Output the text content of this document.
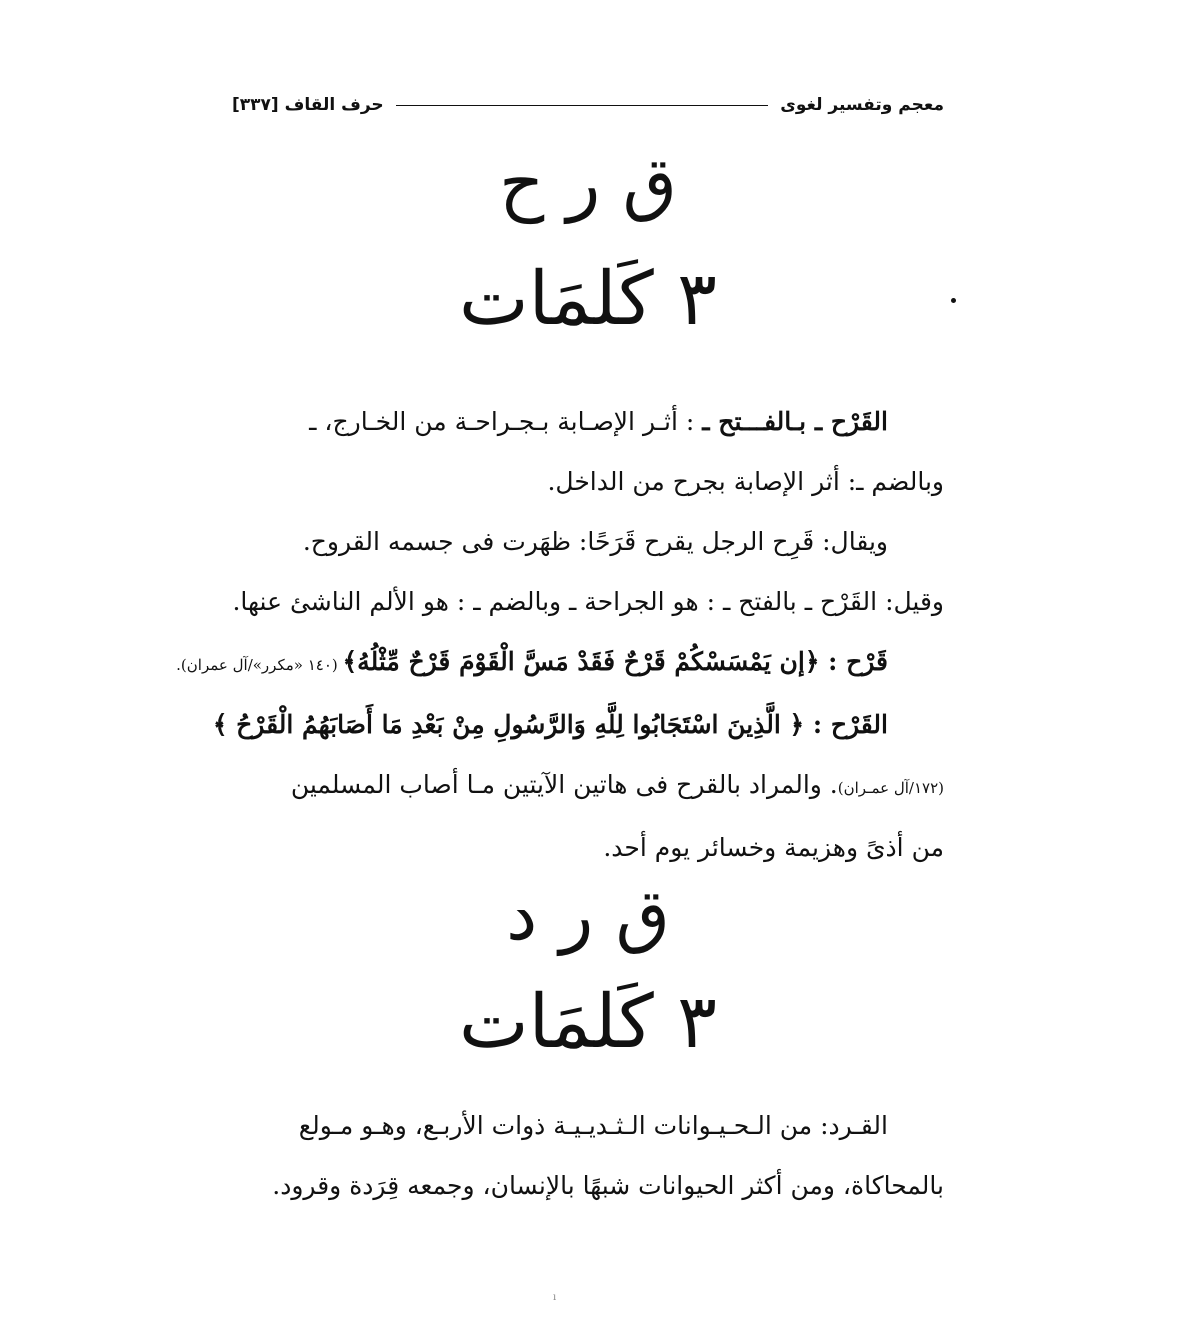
معجم وتفسير لغوى
حرف القاف [٣٣٧]
ق ر ح
٣ كَلمَات
القَرْح ـ بـالفـــتح ـ : أثـر الإصـابة بـجـراحـة من الخـارج، ـ
وبالضم ـ: أثر الإصابة بجرح من الداخل.
ويقال: قَرِح الرجل يقرح قَرَحًا: ظهَرت فى جسمه القروح.
وقيل: القَرْح ـ بالفتح ـ : هو الجراحة ـ وبالضم ـ : هو الألم الناشئ عنها.
قَرْح : ﴿إن يَمْسَسْكُمْ قَرْحٌ فَقَدْ مَسَّ الْقَوْمَ قَرْحٌ مِّثْلُهُ﴾ (١٤٠ «مكرر»/آل عمران).
القَرْح : ﴿ الَّذِينَ اسْتَجَابُوا لِلَّهِ وَالرَّسُولِ مِنْ بَعْدِ مَا أَصَابَهُمُ الْقَرْحُ ﴾
(١٧٢/آل عمـران). والمراد بالقرح فى هاتين الآيتين مـا أصاب المسلمين
من أذىً وهزيمة وخسائر يوم أحد.
ق ر د
٣ كَلمَات
القـرد: من الـحـيـوانات الـثـديـيـة ذوات الأربـع، وهـو مـولع
بالمحاكاة، ومن أكثر الحيوانات شبهًا بالإنسان، وجمعه قِرَدة وقرود.
ı
